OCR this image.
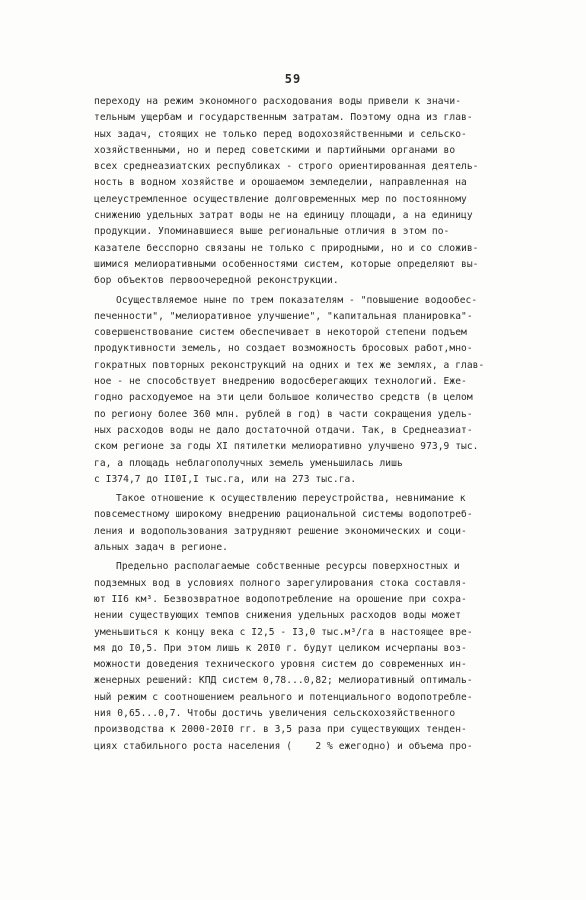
59
переходу на режим экономного расходования воды привели к значи-
тельным ущербам и государственным затратам. Поэтому одна из глав-
ных задач, стоящих не только перед водохозяйственными и сельско-
хозяйственными, но и перед советскими и партийными органами во
всех среднеазиатских республиках - строго ориентированная деятель-
ность в водном хозяйстве и орошаемом земледелии, направленная на
целеустремленное осуществление долговременных мер по постоянному
снижению удельных затрат воды не на единицу площади, а на единицу
продукции. Упоминавшиеся выше региональные отличия в этом по-
казателе бесспорно связаны не только с природными, но и со сложив-
шимися мелиоративными особенностями систем, которые определяют вы-
бор объектов первоочередной реконструкции.
Осуществляемое ныне по трем показателям - "повышение водообес-
печенности", "мелиоративное улучшение", "капитальная планировка"-
совершенствование систем обеспечивает в некоторой степени подъем
продуктивности земель, но создает возможность бросовых работ,мно-
гократных повторных реконструкций на одних и тех же землях, а глав-
ное - не способствует внедрению водосберегающих технологий. Еже-
годно расходуемое на эти цели большое количество средств (в целом
по региону более 360 млн. рублей в год) в части сокращения удель-
ных расходов воды не дало достаточной отдачи. Так, в Среднеазиат-
ском регионе за годы XI пятилетки мелиоративно улучшено 973,9 тыс.
га, а площадь неблагополучных земель уменьшилась лишь
с I374,7 до II0I,I тыс.га, или на 273 тыс.га.
Такое отношение к осуществлению переустройства, невнимание к
повсеместному широкому внедрению рациональной системы водопотреб-
ления и водопользования затрудняют решение экономических и соци-
альных задач в регионе.
Предельно располагаемые собственные ресурсы поверхностных и
подземных вод в условиях полного зарегулирования стока составля-
ют II6 км³. Безвозвратное водопотребление на орошение при сохра-
нении существующих темпов снижения удельных расходов воды может
уменьшиться к концу века с I2,5 - I3,0 тыс.м³/га в настоящее вре-
мя до I0,5. При этом лишь к 20I0 г. будут целиком исчерпаны воз-
можности доведения технического уровня систем до современных ин-
женерных решений: КПД систем 0,78...0,82; мелиоративный оптималь-
ный режим с соотношением реального и потенциального водопотребле-
ния 0,65...0,7. Чтобы достичь увеличения сельскохозяйственного
производства к 2000-20I0 гг. в 3,5 раза при существующих тенден-
циях стабильного роста населения (    2 % ежегодно) и объема про-
